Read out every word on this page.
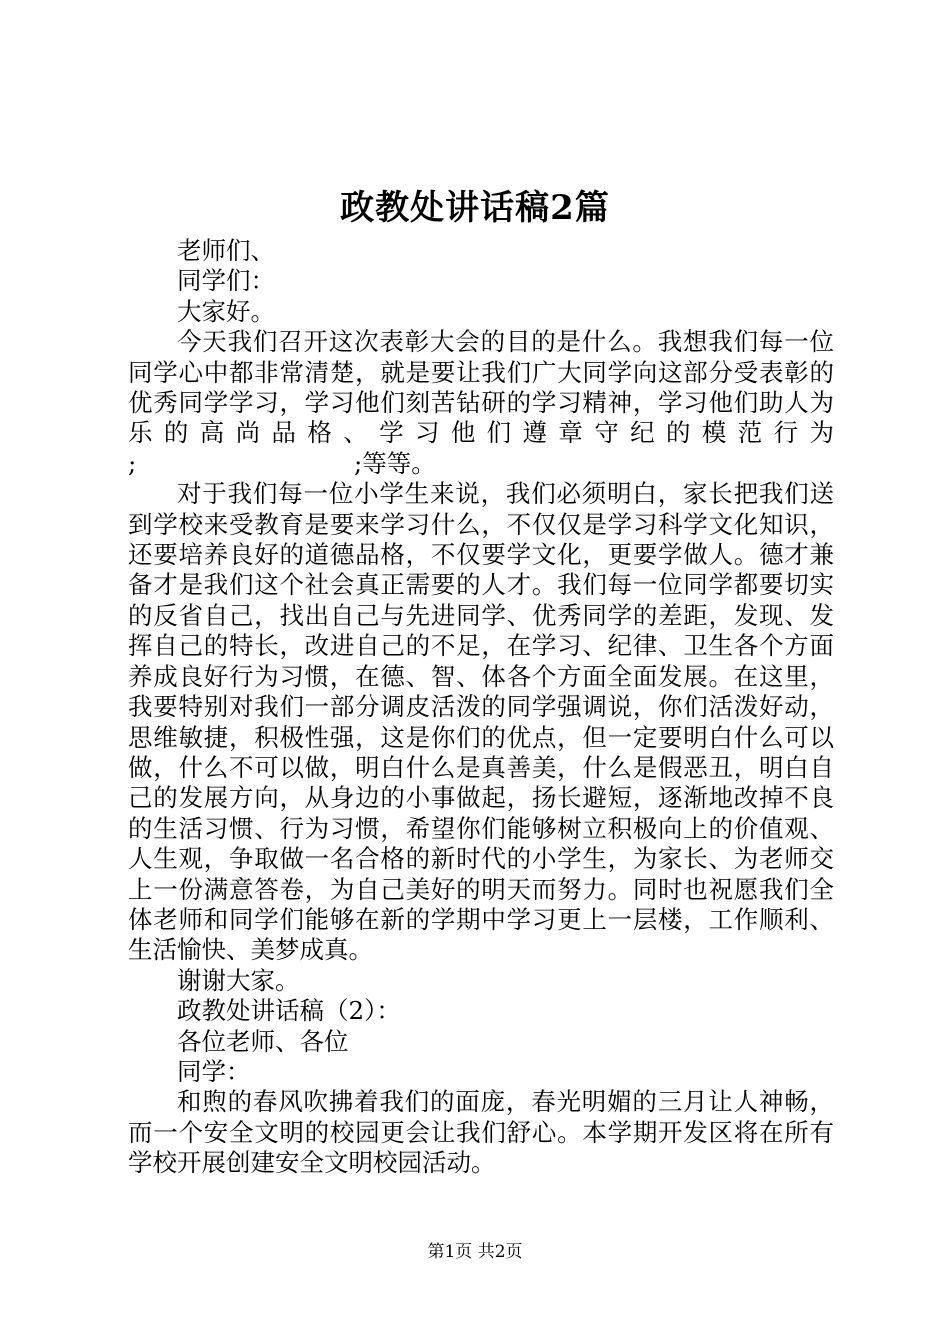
政教处讲话稿2篇

老师们、

同学们：

大家好。

今天我们召开这次表彰大会的目的是什么。我想我们每一位同学心中都非常清楚，就是要让我们广大同学向这部分受表彰的优秀同学学习，学习他们刻苦钻研的学习精神，学习他们助人为乐的高尚品格、学习他们遵章守纪的模范行为

; ;等等。

对于我们每一位小学生来说，我们必须明白，家长把我们送到学校来受教育是要来学习什么，不仅仅是学习科学文化知识，还要培养良好的道德品格，不仅要学文化，更要学做人。德才兼备才是我们这个社会真正需要的人才。我们每一位同学都要切实的反省自己，找出自己与先进同学、优秀同学的差距，发现、发挥自己的特长，改进自己的不足，在学习、纪律、卫生各个方面养成良好行为习惯，在德、智、体各个方面全面发展。在这里，我要特别对我们一部分调皮活泼的同学强调说，你们活泼好动，思维敏捷，积极性强，这是你们的优点，但一定要明白什么可以做，什么不可以做，明白什么是真善美，什么是假恶丑，明白自己的发展方向，从身边的小事做起，扬长避短，逐渐地改掉不良的生活习惯、行为习惯，希望你们能够树立积极向上的价值观、人生观，争取做一名合格的新时代的小学生，为家长、为老师交上一份满意答卷，为自己美好的明天而努力。同时也祝愿我们全体老师和同学们能够在新的学期中学习更上一层楼，工作顺利、生活愉快、美梦成真。

谢谢大家。

政教处讲话稿（2）：

各位老师、各位

同学：

和煦的春风吹拂着我们的面庞，春光明媚的三月让人神畅，而一个安全文明的校园更会让我们舒心。本学期开发区将在所有学校开展创建安全文明校园活动。

第1页 共2页
